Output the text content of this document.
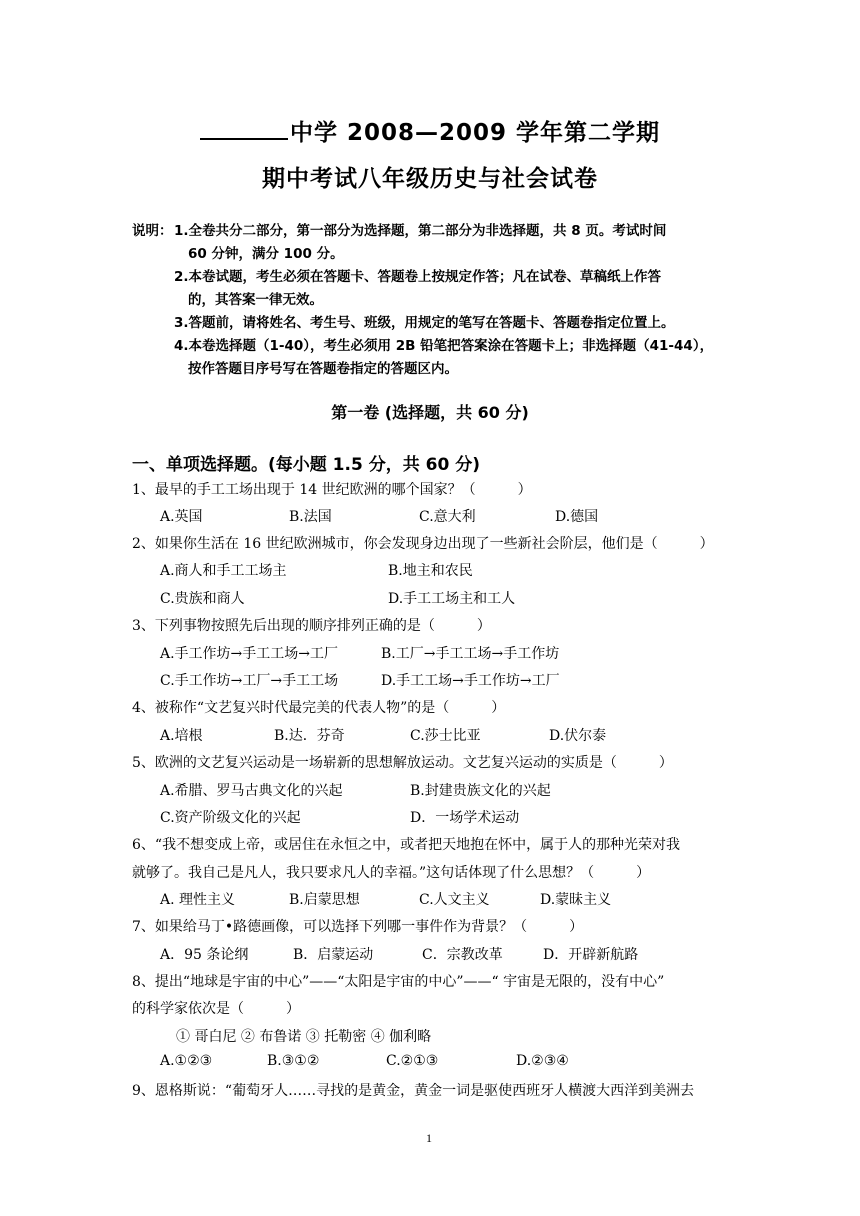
中学 2008—2009 学年第二学期
期中考试八年级历史与社会试卷
说明： 1.全卷共分二部分，第一部分为选择题，第二部分为非选择题，共 8 页。考试时间
60 分钟，满分 100 分。
2.本卷试题，考生必须在答题卡、答题卷上按规定作答；凡在试卷、草稿纸上作答
的，其答案一律无效。
3.答题前，请将姓名、考生号、班级，用规定的笔写在答题卡、答题卷指定位置上。
4.本卷选择题（1-40），考生必须用 2B 铅笔把答案涂在答题卡上；非选择题（41-44），
按作答题目序号写在答题卷指定的答题区内。
第一卷 (选择题，共 60 分)
一、单项选择题。(每小题 1.5 分，共 60 分)
1、最早的手工工场出现于 14 世纪欧洲的哪个国家？（　　　）
A.英国	B.法国	C.意大利	D.德国
2、如果你生活在 16 世纪欧洲城市，你会发现身边出现了一些新社会阶层，他们是（　　　）
A.商人和手工工场主	B.地主和农民
C.贵族和商人	D.手工工场主和工人
3、下列事物按照先后出现的顺序排列正确的是（　　　）
A.手工作坊→手工工场→工厂	B.工厂→手工工场→手工作坊
C.手工作坊→工厂→手工工场	D.手工工场→手工作坊→工厂
4、被称作“文艺复兴时代最完美的代表人物”的是（　　　）
A.培根	B.达．芬奇	C.莎士比亚	D.伏尔泰
5、欧洲的文艺复兴运动是一场崭新的思想解放运动。文艺复兴运动的实质是（　　　）
A.希腊、罗马古典文化的兴起	B.封建贵族文化的兴起
C.资产阶级文化的兴起	D．一场学术运动
6、“我不想变成上帝，或居住在永恒之中，或者把天地抱在怀中，属于人的那种光荣对我
就够了。我自己是凡人，我只要求凡人的幸福。”这句话体现了什么思想？（　　　）
A. 理性主义	B.启蒙思想	C.人文主义	D.蒙昧主义
7、如果给马丁•路德画像，可以选择下列哪一事件作为背景？（　　　）
A．95 条论纲	B．启蒙运动	C．宗教改革	D．开辟新航路
8、提出“地球是宇宙的中心”——“太阳是宇宙的中心”——“ 宇宙是无限的，没有中心”
的科学家依次是（　　　）
① 哥白尼 ② 布鲁诺 ③ 托勒密 ④ 伽利略
A.①②③	B.③①②	C.②①③	D.②③④
9、恩格斯说：“葡萄牙人……寻找的是黄金，黄金一词是驱使西班牙人横渡大西洋到美洲去
1
